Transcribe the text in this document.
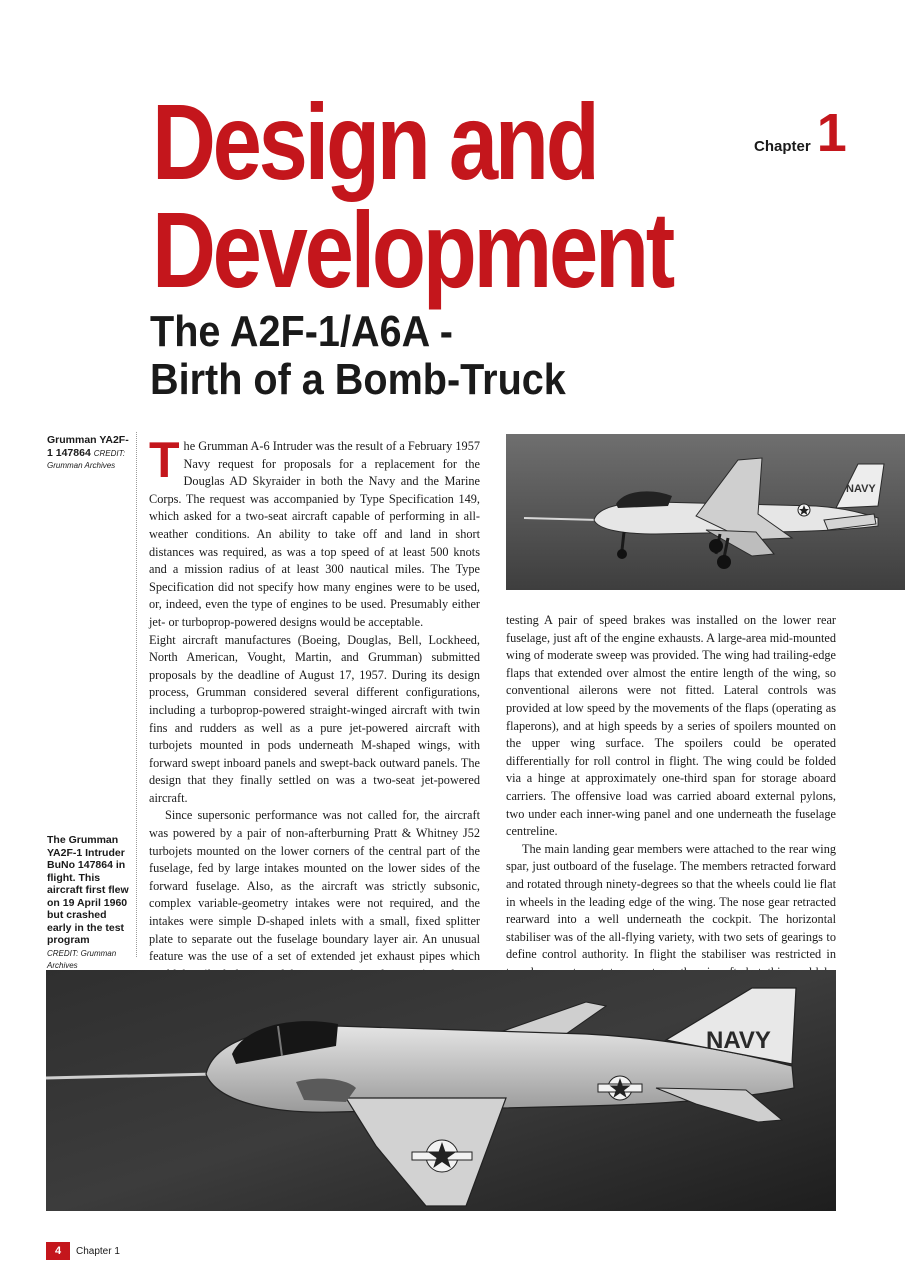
Design and
Development
Chapter 1
The A2F-1/A6A -
Birth of a Bomb-Truck
Grumman YA2F-1 147864 CREDIT: Grumman Archives
The Grumman YA2F-1 Intruder BuNo 147864 in flight. This aircraft first flew on 19 April 1960 but crashed early in the test program
CREDIT: Grumman Archives

The Grumman A-6 Intruder was the result of a February 1957 Navy request for proposals for a replacement for the Douglas AD Skyraider in both the Navy and the Marine Corps. The request was accompanied by Type Specification 149, which asked for a two-seat aircraft capable of performing in all-weather conditions. An ability to take off and land in short distances was required, as was a top speed of at least 500 knots and a mission radius of at least 300 nautical miles. The Type Specification did not specify how many engines were to be used, or, indeed, even the type of engines to be used. Presumably either jet- or turboprop-powered designs would be acceptable.

Eight aircraft manufactures (Boeing, Douglas, Bell, Lockheed, North American, Vought, Martin, and Grumman) submitted proposals by the deadline of August 17, 1957. During its design process, Grumman considered several different configurations, including a turboprop-powered straight-winged aircraft with twin fins and rudders as well as a pure jet-powered aircraft with turbojets mounted in pods underneath M-shaped wings, with forward swept inboard panels and swept-back outward panels. The design that they finally settled on was a two-seat jet-powered aircraft.

Since supersonic performance was not called for, the aircraft was powered by a pair of non-afterburning Pratt & Whitney J52 turbojets mounted on the lower corners of the central part of the fuselage, fed by large intakes mounted on the lower sides of the forward fuselage. Also, as the aircraft was strictly subsonic, complex variable-geometry intakes were not required, and the intakes were simple D-shaped inlets with a small, fixed splitter plate to separate out the fuselage boundary layer air. An unusual feature was the use of a set of extended jet exhaust pipes which

testing A pair of speed brakes was installed on the lower rear fuselage, just aft of the engine exhausts. A large-area mid-mounted wing of moderate sweep was provided. The wing had trailing-edge flaps that extended over almost the entire length of the wing, so conventional ailerons were not fitted. Lateral controls was provided at low speed by the movements of the flaps (operating as flaperons), and at high speeds by a series of spoilers mounted on the upper wing surface. The spoilers could be operated differentially for roll control in flight. The wing could be folded via a hinge at approximately one-third span for storage aboard carriers. The offensive load was carried aboard external pylons, two under each inner-wing panel and one underneath the fuselage centreline.

The main landing gear members were attached to the rear wing spar, just outboard of the fuselage. The members retracted forward and rotated through ninety-degrees so that the wheels could lie flat in wheels in the leading edge of the wing. The nose gear retracted rearward into a well underneath the cockpit. The horizontal stabiliser was of the all-flying variety, with two sets of gearings to define control authority. In flight the stabiliser was restricted in

NAVY
NAVY
4 Chapter 1
